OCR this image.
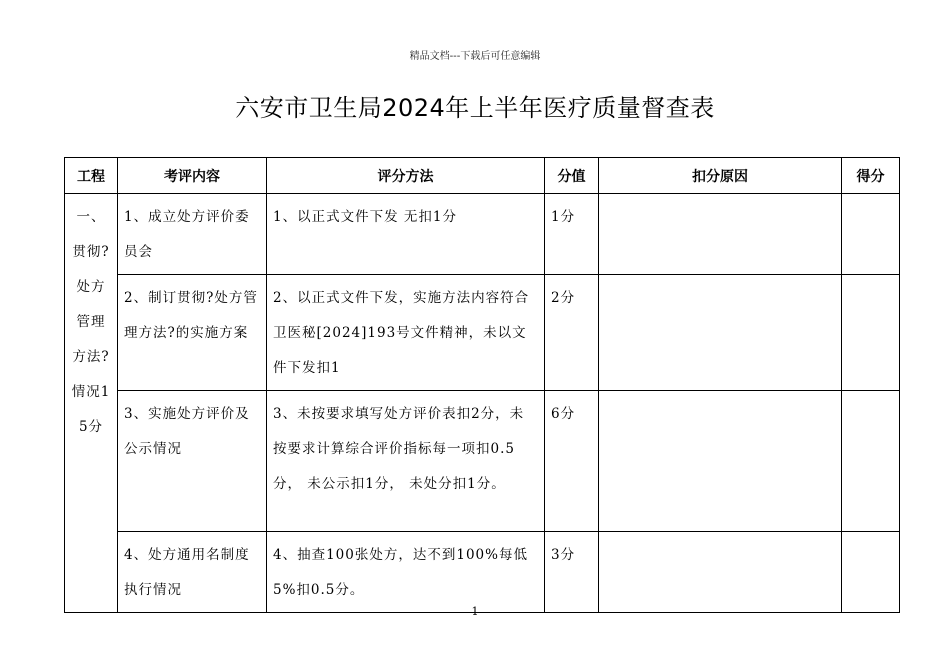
精品文档---下载后可任意编辑
六安市卫生局2024年上半年医疗质量督查表
工程	考评内容	评分方法	分值	扣分原因	得分
一、贯彻?处方管理方法?情况15分	1、成立处方评价委员会	1、以正式文件下发 无扣1分	1分		
	2、制订贯彻?处方管理方法?的实施方案	2、以正式文件下发，实施方法内容符合卫医秘[2024]193号文件精神，未以文件下发扣1	2分		
	3、实施处方评价及公示情况	3、未按要求填写处方评价表扣2分，未按要求计算综合评价指标每一项扣0.5分， 未公示扣1分， 未处分扣1分。	6分		
	4、处方通用名制度执行情况	4、抽查100张处方，达不到100%每低5%扣0.5分。	3分		
1
